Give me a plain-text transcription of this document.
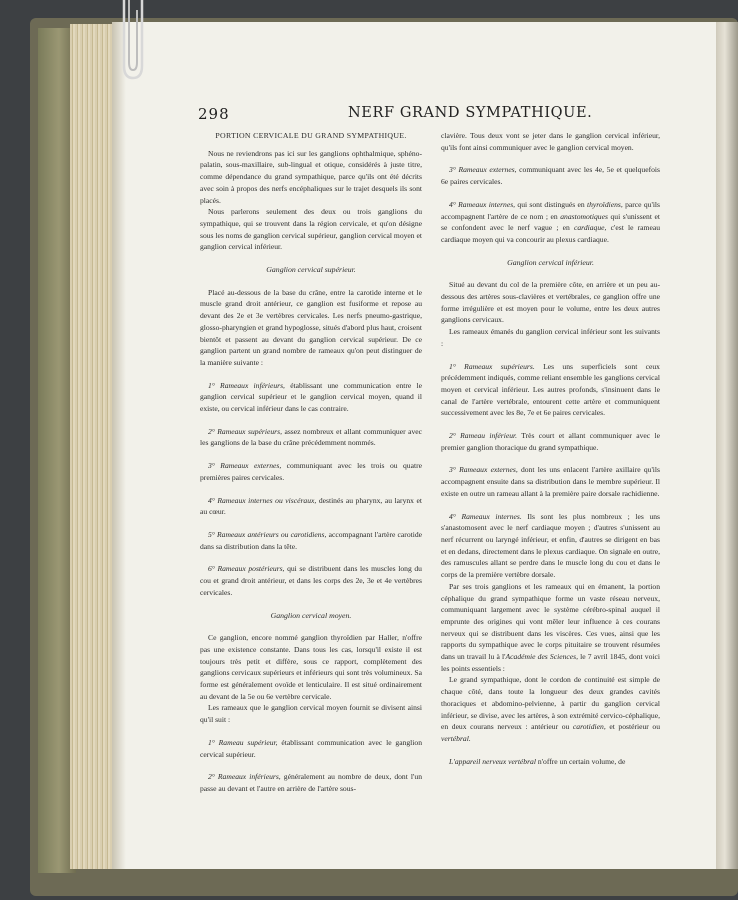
298	NERF GRAND SYMPATHIQUE.
PORTION CERVICALE DU GRAND SYMPATHIQUE.

Nous ne reviendrons pas ici sur les ganglions ophthalmique, sphéno-palatin, sous-maxillaire, sub-lingual et otique, considérés à juste titre, comme dépendance du grand sympathique, parce qu'ils ont été décrits avec soin à propos des nerfs encéphaliques sur le trajet desquels ils sont placés.

Nous parlerons seulement des deux ou trois ganglions du sympathique, qui se trouvent dans la région cervicale, et qu'on désigne sous les noms de ganglion cervical supérieur, ganglion cervical moyen et ganglion cervical inférieur.

Ganglion cervical supérieur.

Placé au-dessous de la base du crâne, entre la carotide interne et le muscle grand droit antérieur, ce ganglion est fusiforme et repose au devant des 2e et 3e vertèbres cervicales. Les nerfs pneumo-gastrique, glosso-pharyngien et grand hypoglosse, situés d'abord plus haut, croisent bientôt et passent au devant du ganglion cervical supérieur. De ce ganglion partent un grand nombre de rameaux qu'on peut distinguer de la manière suivante :

1° Rameaux inférieurs, établissant une communication entre le ganglion cervical supérieur et le ganglion cervical moyen, quand il existe, ou cervical inférieur dans le cas contraire.

2° Rameaux supérieurs, assez nombreux et allant communiquer avec les ganglions de la base du crâne précédemment nommés.

3° Rameaux externes, communiquant avec les trois ou quatre premières paires cervicales.

4° Rameaux internes ou viscéraux, destinés au pharynx, au larynx et au cœur.

5° Rameaux antérieurs ou carotidiens, accompagnant l'artère carotide dans sa distribution dans la tête.

6° Rameaux postérieurs, qui se distribuent dans les muscles long du cou et grand droit antérieur, et dans les corps des 2e, 3e et 4e vertèbres cervicales.

Ganglion cervical moyen.

Ce ganglion, encore nommé ganglion thyroïdien par Haller, n'offre pas une existence constante. Dans tous les cas, lorsqu'il existe il est toujours très petit et diffère, sous ce rapport, complètement des ganglions cervicaux supérieurs et inférieurs qui sont très volumineux. Sa forme est généralement ovoïde et lenticulaire. Il est situé ordinairement au devant de la 5e ou 6e vertèbre cervicale.

Les rameaux que le ganglion cervical moyen fournit se divisent ainsi qu'il suit :

1° Rameau supérieur, établissant communication avec le ganglion cervical supérieur.

2° Rameaux inférieurs, généralement au nombre de deux, dont l'un passe au devant et l'autre en arrière de l'artère sous-

clavière. Tous deux vont se jeter dans le ganglion cervical inférieur, qu'ils font ainsi communiquer avec le ganglion cervical moyen.

3° Rameaux externes, communiquant avec les 4e, 5e et quelquefois 6e paires cervicales.

4° Rameaux internes, qui sont distingués en thyroïdiens, parce qu'ils accompagnent l'artère de ce nom ; en anastomotiques qui s'unissent et se confondent avec le nerf vague ; en cardiaque, c'est le rameau cardiaque moyen qui va concourir au plexus cardiaque.

Ganglion cervical inférieur.

Situé au devant du col de la première côte, en arrière et un peu au-dessous des artères sous-clavières et vertébrales, ce ganglion offre une forme irrégulière et est moyen pour le volume, entre les deux autres ganglions cervicaux.

Les rameaux émanés du ganglion cervical inférieur sont les suivants :

1° Rameaux supérieurs. Les uns superficiels sont ceux précédemment indiqués, comme reliant ensemble les ganglions cervical moyen et cervical inférieur. Les autres profonds, s'insinuent dans le canal de l'artère vertébrale, entourent cette artère et communiquent successivement avec les 8e, 7e et 6e paires cervicales.

2° Rameau inférieur. Très court et allant communiquer avec le premier ganglion thoracique du grand sympathique.

3° Rameaux externes, dont les uns enlacent l'artère axillaire qu'ils accompagnent ensuite dans sa distribution dans le membre supérieur. Il existe en outre un rameau allant à la première paire dorsale rachidienne.

4° Rameaux internes. Ils sont les plus nombreux ; les uns s'anastomosent avec le nerf cardiaque moyen ; d'autres s'unissent au nerf récurrent ou laryngé inférieur, et enfin, d'autres se dirigent en bas et en dedans, directement dans le plexus cardiaque. On signale en outre, des ramuscules allant se perdre dans le muscle long du cou et dans le corps de la première vertèbre dorsale.

Par ses trois ganglions et les rameaux qui en émanent, la portion céphalique du grand sympathique forme un vaste réseau nerveux, communiquant largement avec le système cérébro-spinal auquel il emprunte des origines qui vont mêler leur influence à ces courans nerveux qui se distribuent dans les viscères. Ces vues, ainsi que les rapports du sympathique avec le corps pituitaire se trouvent résumées dans un travail lu à l'Académie des Sciences, le 7 avril 1845, dont voici les points essentiels :

Le grand sympathique, dont le cordon de continuité est simple de chaque côté, dans toute la longueur des deux grandes cavités thoraciques et abdomino-pelvienne, à partir du ganglion cervical inférieur, se divise, avec les artères, à son extrémité cervico-céphalique, en deux courans nerveux : antérieur ou carotidien, et postérieur ou vertébral.

L'appareil nerveux vertébral n'offre un certain volume, de
